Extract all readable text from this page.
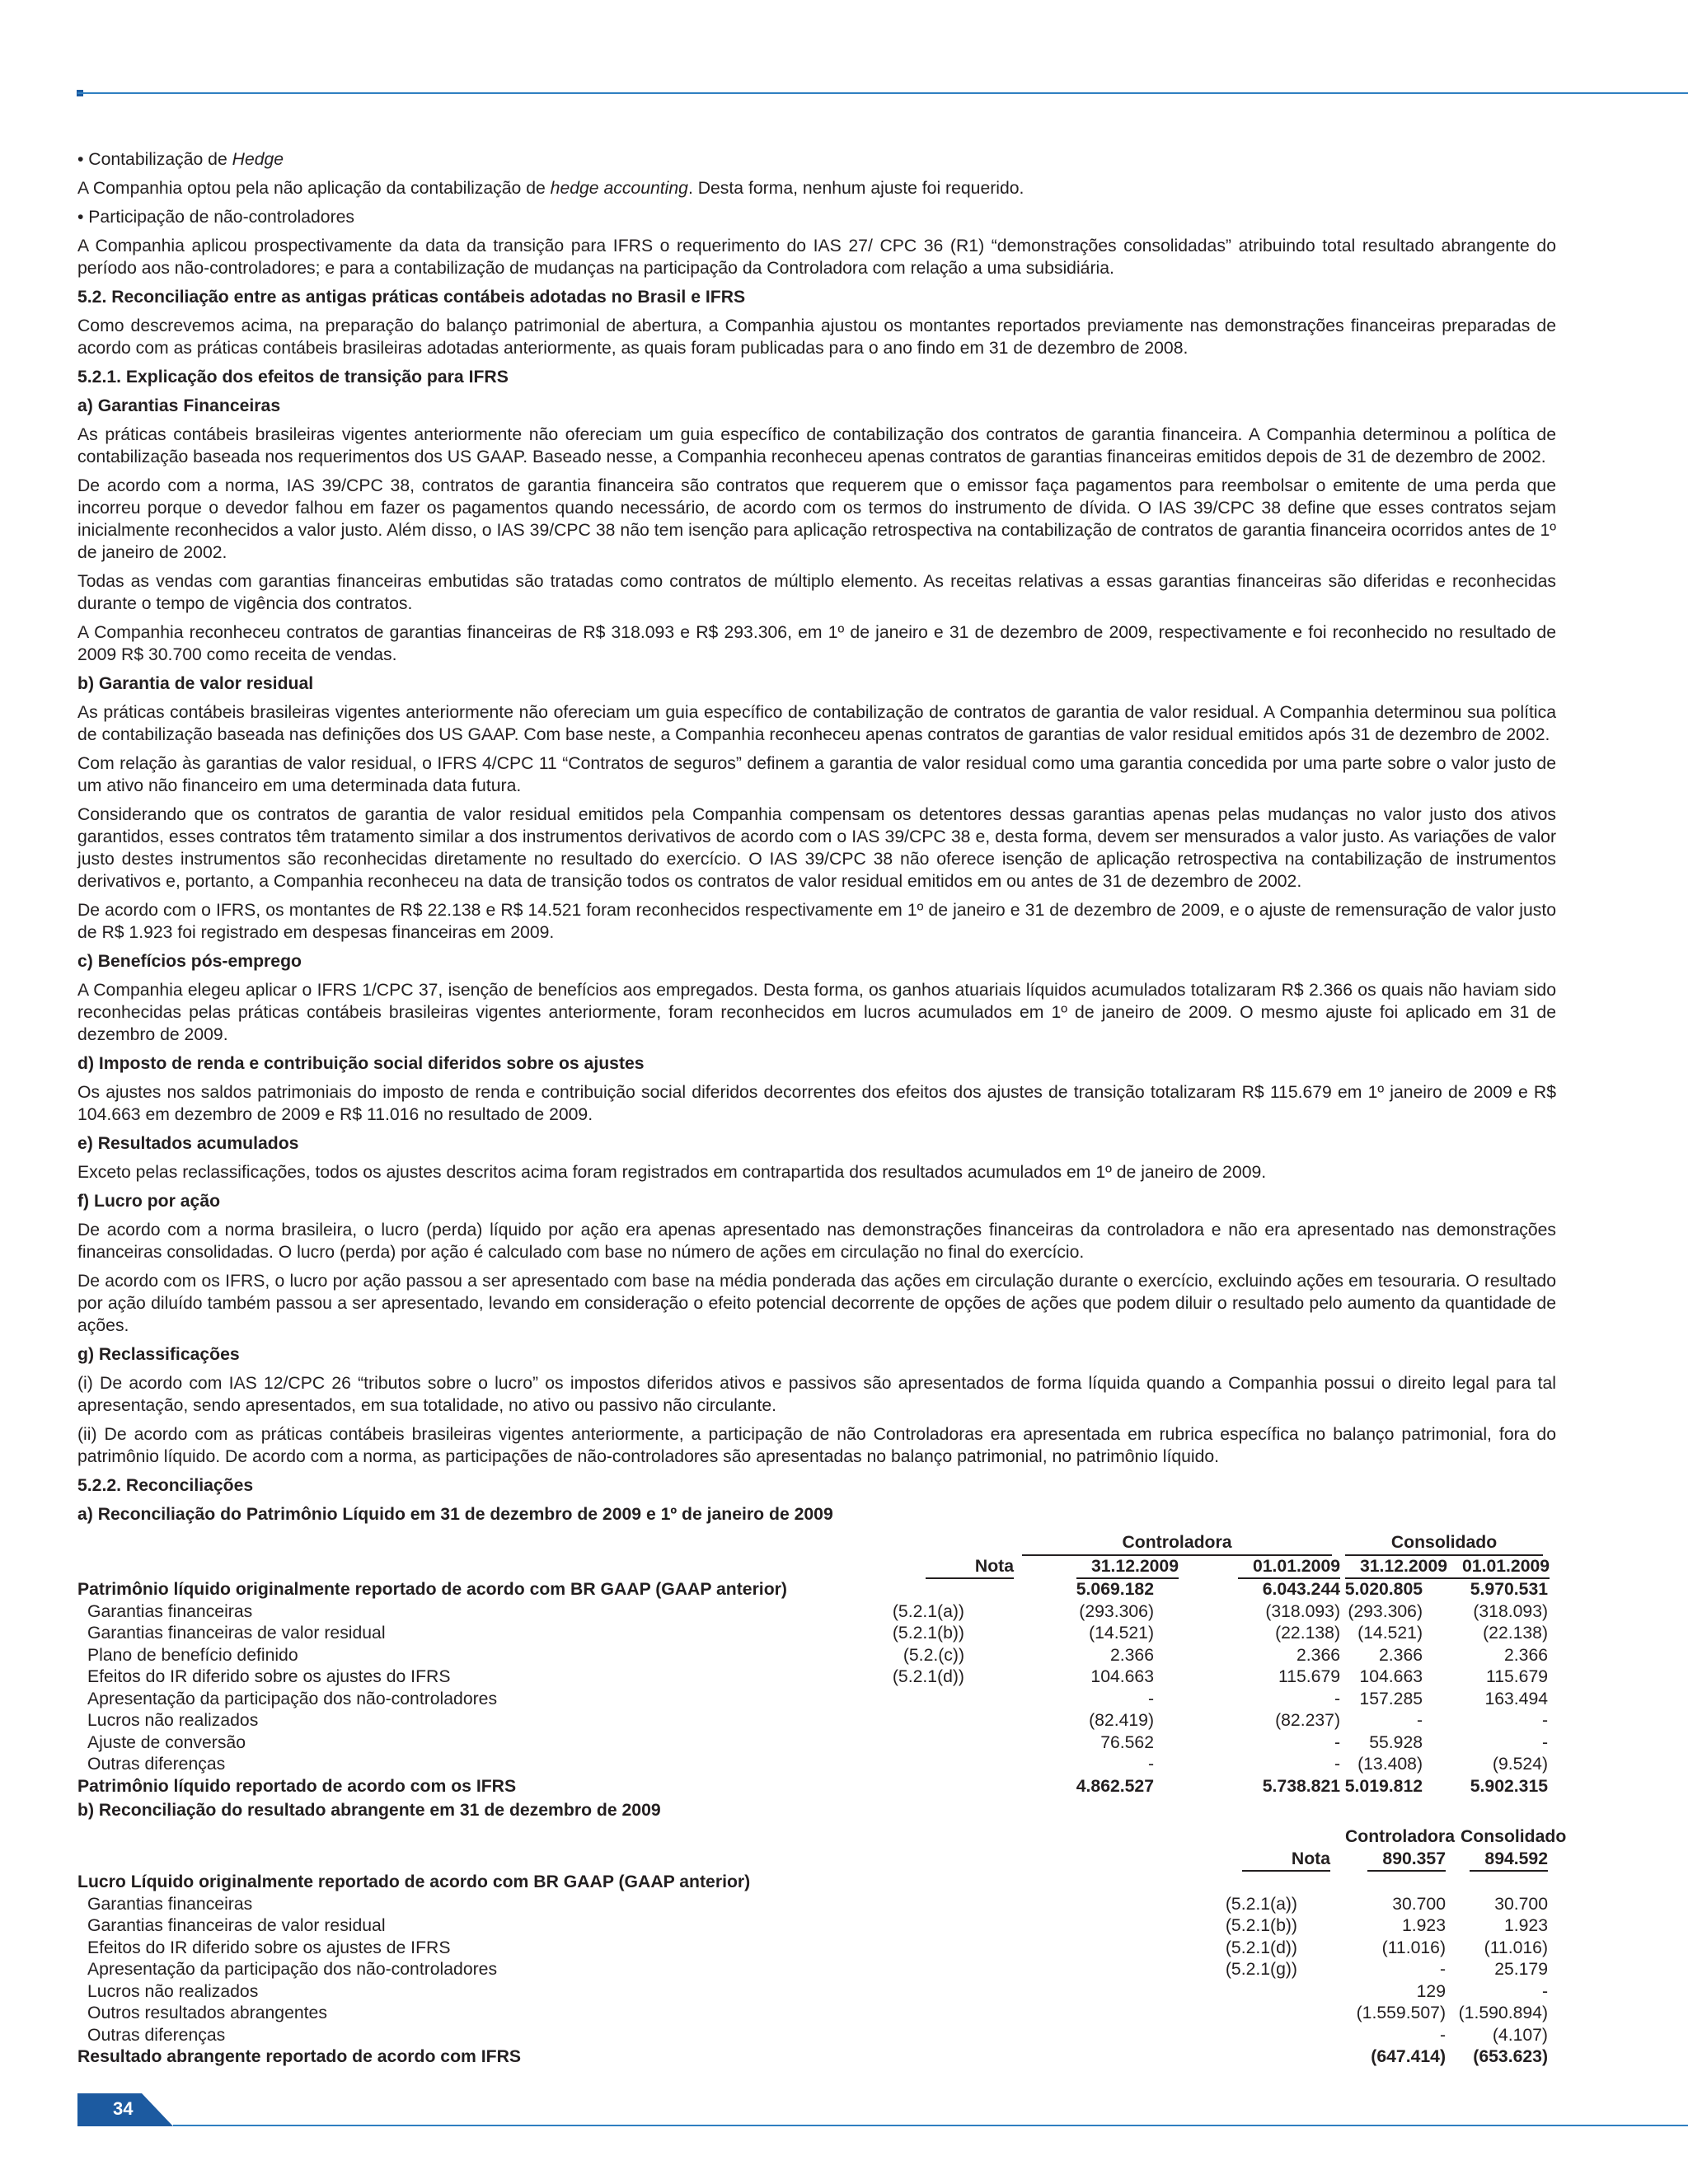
• Contabilização de Hedge

A Companhia optou pela não aplicação da contabilização de hedge accounting. Desta forma, nenhum ajuste foi requerido.

• Participação de não-controladores

A Companhia aplicou prospectivamente da data da transição para IFRS o requerimento do IAS 27/ CPC 36 (R1) “demonstrações consolidadas” atribuindo total resultado abrangente do período aos não-controladores; e para a contabilização de mudanças na participação da Controladora com relação a uma subsidiária.

5.2. Reconciliação entre as antigas práticas contábeis adotadas no Brasil e IFRS

Como descrevemos acima, na preparação do balanço patrimonial de abertura, a Companhia ajustou os montantes reportados previamente nas demonstrações financeiras preparadas de acordo com as práticas contábeis brasileiras adotadas anteriormente, as quais foram publicadas para o ano findo em 31 de dezembro de 2008.

5.2.1. Explicação dos efeitos de transição para IFRS
a) Garantias Financeiras

As práticas contábeis brasileiras vigentes anteriormente não ofereciam um guia específico de contabilização dos contratos de garantia financeira. A Companhia determinou a política de contabilização baseada nos requerimentos dos US GAAP. Baseado nesse, a Companhia reconheceu apenas contratos de garantias financeiras emitidos depois de 31 de dezembro de 2002.

De acordo com a norma, IAS 39/CPC 38, contratos de garantia financeira são contratos que requerem que o emissor faça pagamentos para reembolsar o emitente de uma perda que incorreu porque o devedor falhou em fazer os pagamentos quando necessário, de acordo com os termos do instrumento de dívida. O IAS 39/CPC 38 define que esses contratos sejam inicialmente reconhecidos a valor justo. Além disso, o IAS 39/CPC 38 não tem isenção para aplicação retrospectiva na contabilização de contratos de garantia financeira ocorridos antes de 1º de janeiro de 2002.

Todas as vendas com garantias financeiras embutidas são tratadas como contratos de múltiplo elemento. As receitas relativas a essas garantias financeiras são diferidas e reconhecidas durante o tempo de vigência dos contratos.

A Companhia reconheceu contratos de garantias financeiras de R$ 318.093 e R$ 293.306, em 1º de janeiro e 31 de dezembro de 2009, respectivamente e foi reconhecido no resultado de 2009 R$ 30.700 como receita de vendas.

b) Garantia de valor residual

As práticas contábeis brasileiras vigentes anteriormente não ofereciam um guia específico de contabilização de contratos de garantia de valor residual. A Companhia determinou sua política de contabilização baseada nas definições dos US GAAP. Com base neste, a Companhia reconheceu apenas contratos de garantias de valor residual emitidos após 31 de dezembro de 2002.

Com relação às garantias de valor residual, o IFRS 4/CPC 11 “Contratos de seguros” definem a garantia de valor residual como uma garantia concedida por uma parte sobre o valor justo de um ativo não financeiro em uma determinada data futura.

Considerando que os contratos de garantia de valor residual emitidos pela Companhia compensam os detentores dessas garantias apenas pelas mudanças no valor justo dos ativos garantidos, esses contratos têm tratamento similar a dos instrumentos derivativos de acordo com o IAS 39/CPC 38 e, desta forma, devem ser mensurados a valor justo. As variações de valor justo destes instrumentos são reconhecidas diretamente no resultado do exercício. O IAS 39/CPC 38 não oferece isenção de aplicação retrospectiva na contabilização de instrumentos derivativos e, portanto, a Companhia reconheceu na data de transição todos os contratos de valor residual emitidos em ou antes de 31 de dezembro de 2002.

De acordo com o IFRS, os montantes de R$ 22.138 e R$ 14.521 foram reconhecidos respectivamente em 1º de janeiro e 31 de dezembro de 2009, e o ajuste de remensuração de valor justo de R$ 1.923 foi registrado em despesas financeiras em 2009.

c) Benefícios pós-emprego

A Companhia elegeu aplicar o IFRS 1/CPC 37, isenção de benefícios aos empregados. Desta forma, os ganhos atuariais líquidos acumulados totalizaram R$ 2.366 os quais não haviam sido reconhecidas pelas práticas contábeis brasileiras vigentes anteriormente, foram reconhecidos em lucros acumulados em 1º de janeiro de 2009. O mesmo ajuste foi aplicado em 31 de dezembro de 2009.

d) Imposto de renda e contribuição social diferidos sobre os ajustes

Os ajustes nos saldos patrimoniais do imposto de renda e contribuição social diferidos decorrentes dos efeitos dos ajustes de transição totalizaram R$ 115.679 em 1º janeiro de 2009 e R$ 104.663 em dezembro de 2009 e R$ 11.016 no resultado de 2009.

e) Resultados acumulados

Exceto pelas reclassificações, todos os ajustes descritos acima foram registrados em contrapartida dos resultados acumulados em 1º de janeiro de 2009.

f) Lucro por ação

De acordo com a norma brasileira, o lucro (perda) líquido por ação era apenas apresentado nas demonstrações financeiras da controladora e não era apresentado nas demonstrações financeiras consolidadas. O lucro (perda) por ação é calculado com base no número de ações em circulação no final do exercício.

De acordo com os IFRS, o lucro por ação passou a ser apresentado com base na média ponderada das ações em circulação durante o exercício, excluindo ações em tesouraria. O resultado por ação diluído também passou a ser apresentado, levando em consideração o efeito potencial decorrente de opções de ações que podem diluir o resultado pelo aumento da quantidade de ações.

g) Reclassificações

(i) De acordo com IAS 12/CPC 26 “tributos sobre o lucro” os impostos diferidos ativos e passivos são apresentados de forma líquida quando a Companhia possui o direito legal para tal apresentação, sendo apresentados, em sua totalidade, no ativo ou passivo não circulante.

(ii) De acordo com as práticas contábeis brasileiras vigentes anteriormente, a participação de não Controladoras era apresentada em rubrica específica no balanço patrimonial, fora do patrimônio líquido. De acordo com a norma, as participações de não-controladores são apresentadas no balanço patrimonial, no patrimônio líquido.

5.2.2. Reconciliações
a) Reconciliação do Patrimônio Líquido em 31 de dezembro de 2009 e 1º de janeiro de 2009
		Controladora		Consolidado	
	Nota	31.12.2009	01.01.2009	31.12.2009	01.01.2009
Patrimônio líquido originalmente reportado de acordo com BR GAAP (GAAP anterior)		5.069.182	6.043.244	5.020.805	5.970.531
Garantias financeiras	(5.2.1(a))	(293.306)	(318.093)	(293.306)	(318.093)
Garantias financeiras de valor residual	(5.2.1(b))	(14.521)	(22.138)	(14.521)	(22.138)
Plano de benefício definido	(5.2.(c))	2.366	2.366	2.366	2.366
Efeitos do IR diferido sobre os ajustes do IFRS	(5.2.1(d))	104.663	115.679	104.663	115.679
Apresentação da participação dos não-controladores		-	-	157.285	163.494
Lucros não realizados		(82.419)	(82.237)	-	-
Ajuste de conversão		76.562	-	55.928	-
Outras diferenças		-	-	(13.408)	(9.524)
Patrimônio líquido reportado de acordo com os IFRS		4.862.527	5.738.821	5.019.812	5.902.315
b) Reconciliação do resultado abrangente em 31 de dezembro de 2009
		Controladora	Consolidado
	Nota	890.357	894.592
Lucro Líquido originalmente reportado de acordo com BR GAAP (GAAP anterior)			
Garantias financeiras	(5.2.1(a))	30.700	30.700
Garantias financeiras de valor residual	(5.2.1(b))	1.923	1.923
Efeitos do IR diferido sobre os ajustes de IFRS	(5.2.1(d))	(11.016)	(11.016)
Apresentação da participação dos não-controladores	(5.2.1(g))	-	25.179
Lucros não realizados		129	-
Outros resultados abrangentes		(1.559.507)	(1.590.894)
Outras diferenças		-	(4.107)
Resultado abrangente reportado de acordo com IFRS		(647.414)	(653.623)
34
